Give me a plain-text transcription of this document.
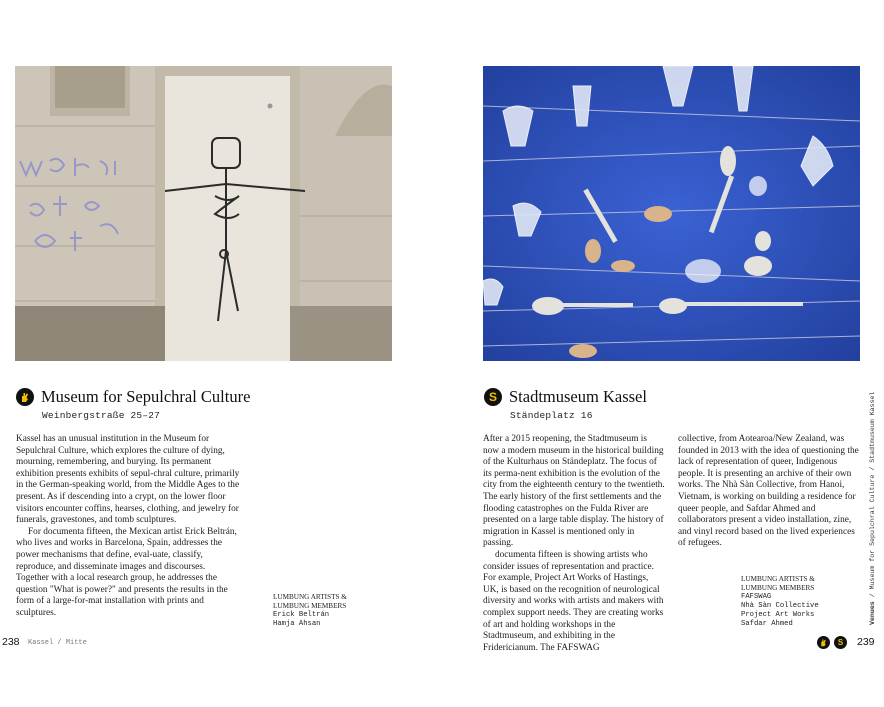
Museum for Sepulchral Culture
Weinbergstraße 25–27

Kassel has an unusual institution in the Museum for Sepulchral Culture, which explores the culture of dying, mourning, remembering, and burying. Its permanent exhibition presents exhibits of sepul-chral culture, primarily in the German-speaking world, from the Middle Ages to the present. As if descending into a crypt, on the lower floor visitors encounter coffins, hearses, clothing, and jewelry for funerals, gravestones, and tomb sculptures.

For documenta fifteen, the Mexican artist Erick Beltrán, who lives and works in Barcelona, Spain, addresses the power mechanisms that define, eval-uate, classify, reproduce, and disseminate images and discourses. Together with a local research group, he addresses the question "What is power?" and presents the results in the form of a large-for-mat installation with prints and sculptures.

LUMBUNG ARTISTS & LUMBUNG MEMBERS
Erick Beltrán
Hamja Ahsan
238 Kassel / Mitte
S Stadtmuseum Kassel
Ständeplatz 16

After a 2015 reopening, the Stadtmuseum is now a modern museum in the historical building of the Kulturhaus on Ständeplatz. The focus of its perma-nent exhibition is the evolution of the city from the eighteenth century to the twentieth. The early history of the first settlements and the flooding catastrophes on the Fulda River are presented on a large table display. The history of migration in Kassel is mentioned only in passing.

documenta fifteen is showing artists who consider issues of representation and practice. For example, Project Art Works of Hastings, UK, is based on the recognition of neurological diversity and works with artists and makers with complex support needs. They are creating works of art and holding workshops in the Stadtmuseum, and exhibiting in the Fridericianum. The FAFSWAG

collective, from Aotearoa/New Zealand, was founded in 2013 with the idea of questioning the lack of representation of queer, Indigenous people. It is presenting an archive of their own works. The Nhà Sàn Collective, from Hanoi, Vietnam, is working on building a residence for queer people, and Safdar Ahmed and collaborators present a video installation, zine, and vinyl record based on the lived experiences of refugees.

LUMBUNG ARTISTS & LUMBUNG MEMBERS
FAFSWAG
Nhà Sàn Collective
Project Art Works
Safdar Ahmed	Venues / Museum for Sepulchral Culture / Stadtmuseum Kassel
S	239
